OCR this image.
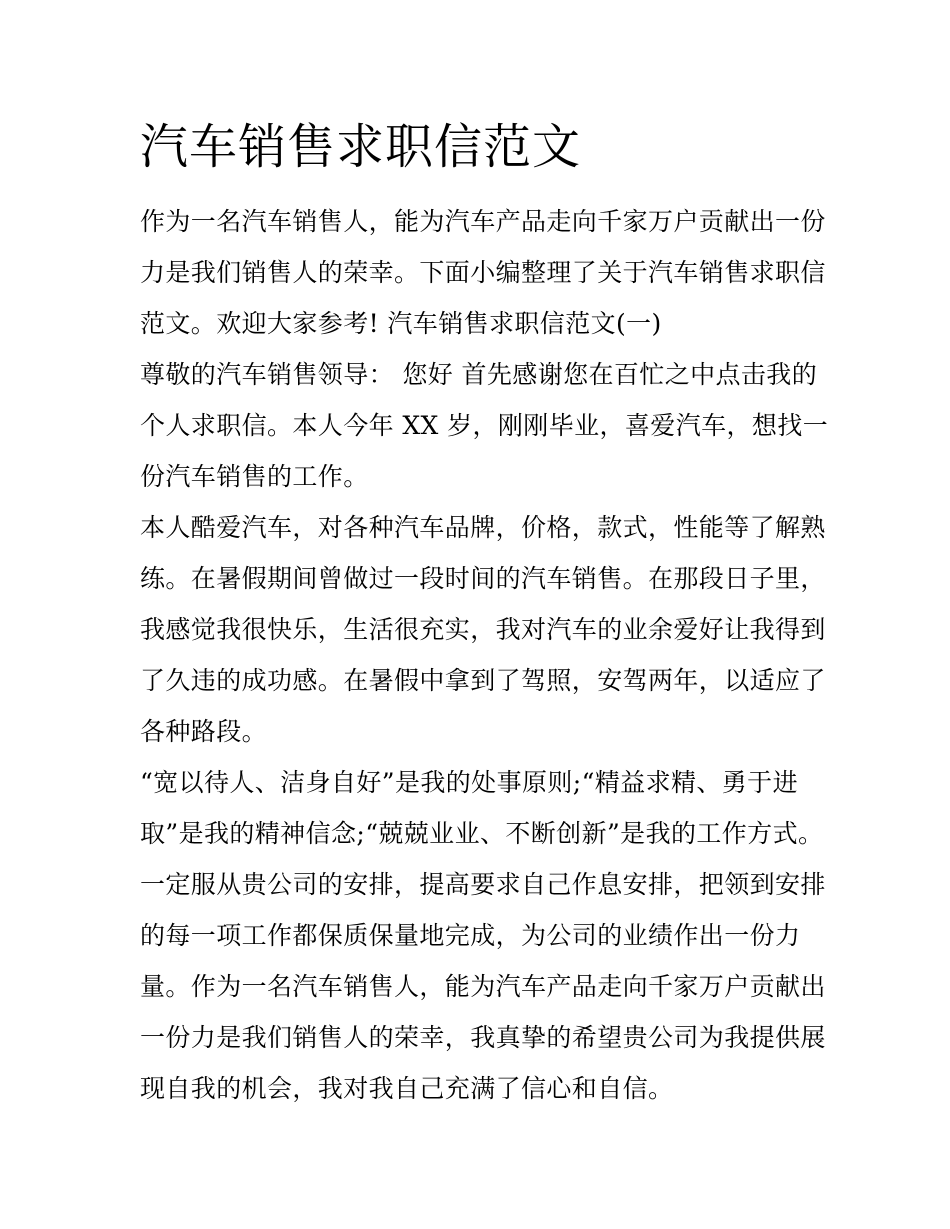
汽车销售求职信范文
作为一名汽车销售人，能为汽车产品走向千家万户贡献出一份
力是我们销售人的荣幸。下面小编整理了关于汽车销售求职信
范文。欢迎大家参考! 汽车销售求职信范文(一)
尊敬的汽车销售领导： 您好 首先感谢您在百忙之中点击我的
个人求职信。本人今年 XX 岁，刚刚毕业，喜爱汽车，想找一
份汽车销售的工作。
本人酷爱汽车，对各种汽车品牌，价格，款式，性能等了解熟
练。在暑假期间曾做过一段时间的汽车销售。在那段日子里，
我感觉我很快乐，生活很充实，我对汽车的业余爱好让我得到
了久违的成功感。在暑假中拿到了驾照，安驾两年，以适应了
各种路段。
“宽以待人、洁身自好”是我的处事原则;“精益求精、勇于进
取”是我的精神信念;“兢兢业业、不断创新”是我的工作方式。
一定服从贵公司的安排，提高要求自己作息安排，把领到安排
的每一项工作都保质保量地完成，为公司的业绩作出一份力
量。作为一名汽车销售人，能为汽车产品走向千家万户贡献出
一份力是我们销售人的荣幸，我真挚的希望贵公司为我提供展
现自我的机会，我对我自己充满了信心和自信。
